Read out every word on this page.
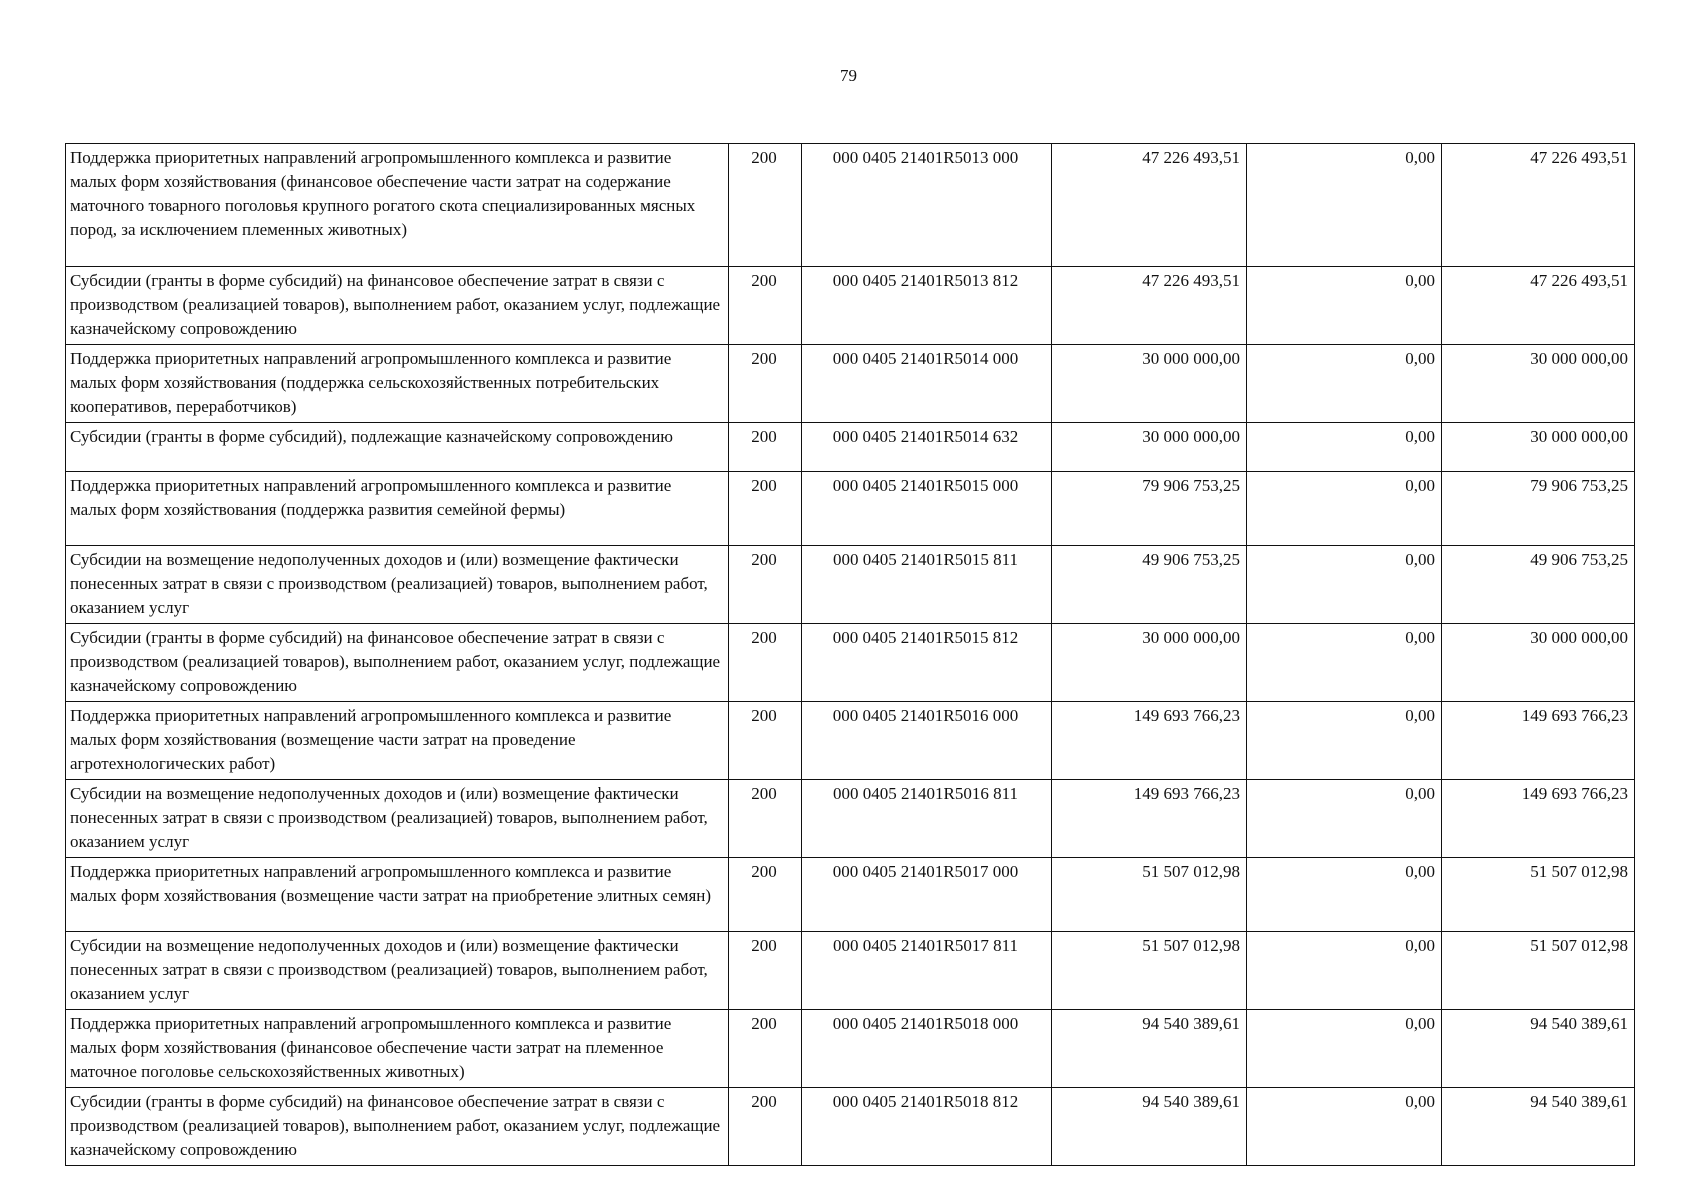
79
Поддержка приоритетных направлений агропромышленного комплекса и развитие малых форм хозяйствования (финансовое обеспечение части затрат на содержание маточного товарного поголовья крупного рогатого скота специализированных мясных пород, за исключением племенных животных)	200	000 0405 21401R5013 000	47 226 493,51	0,00	47 226 493,51
Субсидии (гранты в форме субсидий) на финансовое обеспечение затрат в связи с производством (реализацией товаров), выполнением работ, оказанием услуг, подлежащие казначейскому сопровождению	200	000 0405 21401R5013 812	47 226 493,51	0,00	47 226 493,51
Поддержка приоритетных направлений агропромышленного комплекса и развитие малых форм хозяйствования (поддержка сельскохозяйственных потребительских кооперативов, переработчиков)	200	000 0405 21401R5014 000	30 000 000,00	0,00	30 000 000,00
Субсидии (гранты в форме субсидий), подлежащие казначейскому сопровождению	200	000 0405 21401R5014 632	30 000 000,00	0,00	30 000 000,00
Поддержка приоритетных направлений агропромышленного комплекса и развитие малых форм хозяйствования (поддержка развития семейной фермы)	200	000 0405 21401R5015 000	79 906 753,25	0,00	79 906 753,25
Субсидии на возмещение недополученных доходов и (или) возмещение фактически понесенных затрат в связи с производством (реализацией) товаров, выполнением работ, оказанием услуг	200	000 0405 21401R5015 811	49 906 753,25	0,00	49 906 753,25
Субсидии (гранты в форме субсидий) на финансовое обеспечение затрат в связи с производством (реализацией товаров), выполнением работ, оказанием услуг, подлежащие казначейскому сопровождению	200	000 0405 21401R5015 812	30 000 000,00	0,00	30 000 000,00
Поддержка приоритетных направлений агропромышленного комплекса и развитие малых форм хозяйствования (возмещение части затрат на проведение агротехнологических работ)	200	000 0405 21401R5016 000	149 693 766,23	0,00	149 693 766,23
Субсидии на возмещение недополученных доходов и (или) возмещение фактически понесенных затрат в связи с производством (реализацией) товаров, выполнением работ, оказанием услуг	200	000 0405 21401R5016 811	149 693 766,23	0,00	149 693 766,23
Поддержка приоритетных направлений агропромышленного комплекса и развитие малых форм хозяйствования (возмещение части затрат на приобретение элитных семян)	200	000 0405 21401R5017 000	51 507 012,98	0,00	51 507 012,98
Субсидии на возмещение недополученных доходов и (или) возмещение фактически понесенных затрат в связи с производством (реализацией) товаров, выполнением работ, оказанием услуг	200	000 0405 21401R5017 811	51 507 012,98	0,00	51 507 012,98
Поддержка приоритетных направлений агропромышленного комплекса и развитие малых форм хозяйствования (финансовое обеспечение части затрат на племенное маточное поголовье сельскохозяйственных животных)	200	000 0405 21401R5018 000	94 540 389,61	0,00	94 540 389,61
Субсидии (гранты в форме субсидий) на финансовое обеспечение затрат в связи с производством (реализацией товаров), выполнением работ, оказанием услуг, подлежащие казначейскому сопровождению	200	000 0405 21401R5018 812	94 540 389,61	0,00	94 540 389,61
